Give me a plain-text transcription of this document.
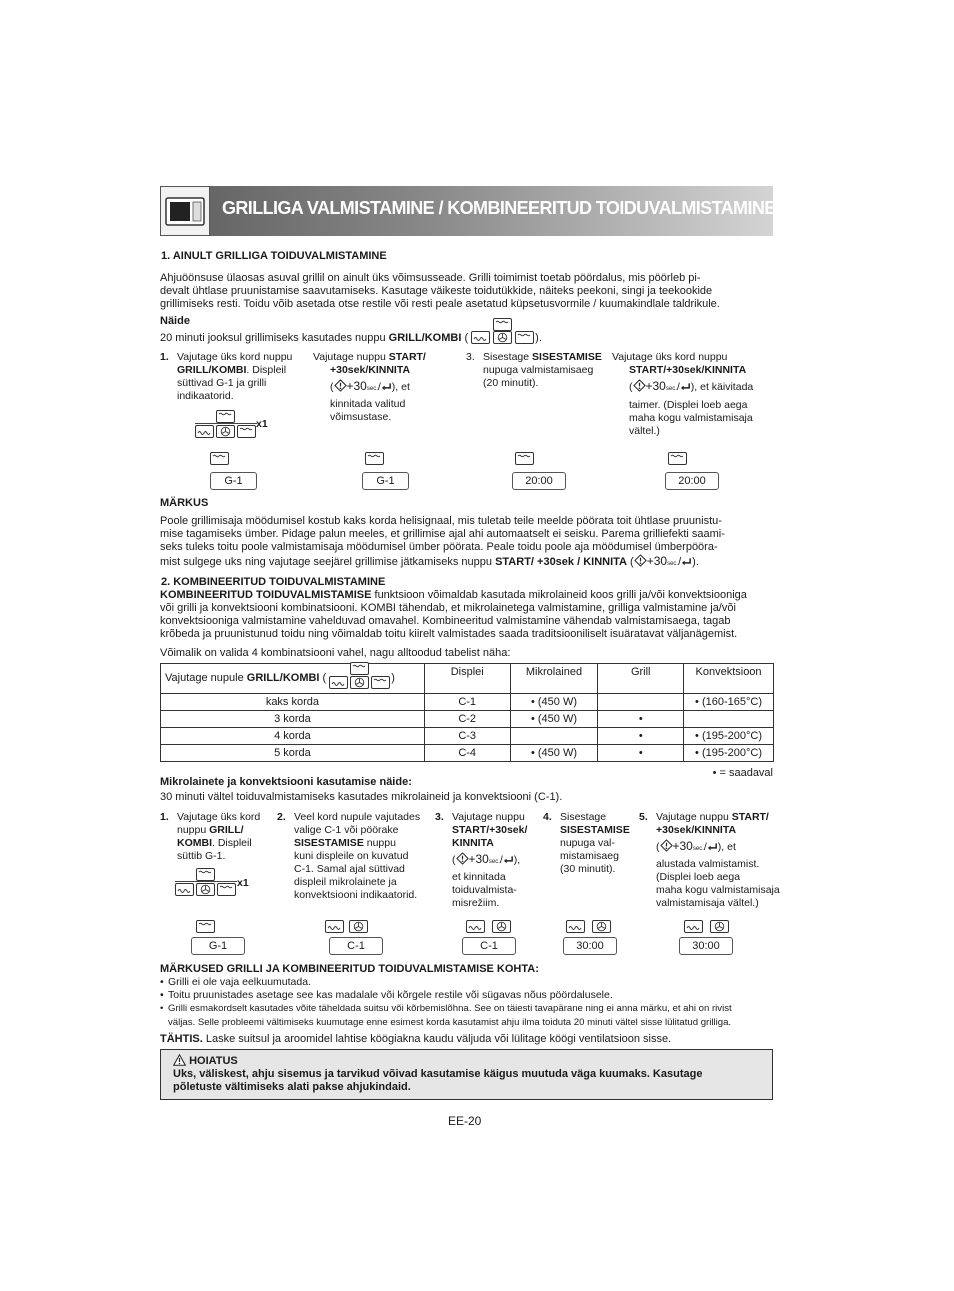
GRILLIGA VALMISTAMINE / KOMBINEERITUD TOIDUVALMISTAMINE
1. AINULT GRILLIGA TOIDUVALMISTAMINE
Ahjuöönsuse ülaosas asuval grillil on ainult üks võimsusseade. Grilli toimimist toetab pöördalus, mis pöörleb pi-
devalt ühtlase pruunistamise saavutamiseks. Kasutage väikeste toidutükkide, näiteks peekoni, singi ja teekookide
grillimiseks resti. Toidu võib asetada otse restile või resti peale asetatud küpsetusvormile / kuumakindlale taldrikule.
Näide
20 minuti jooksul grillimiseks kasutades nuppu GRILL/KOMBI (	).
1. Vajutage üks kord nuppu
GRILL/KOMBI. Displeil
süttivad G-1 ja grilli
indikaatorid.
x1
Vajutage nuppu START/
+30sek/KINNITA
( +30sec./ ), et
kinnitada valitud
võimsustase.
3. Sisestage SISESTAMISE
nupuga valmistamisaeg
(20 minutit).
Vajutage üks kord nuppu
START/+30sek/KINNITA
( +30sec./ ), et käivitada
taimer. (Displei loeb aega
maha kogu valmistamisaja
vältel.)
G-1	G-1	20:00	20:00
MÄRKUS
Poole grillimisaja möödumisel kostub kaks korda helisignaal, mis tuletab teile meelde pöörata toit ühtlase pruunistu-
mise tagamiseks ümber. Pidage palun meeles, et grillimise ajal ahi automaatselt ei seisku. Parema grilliefekti saami-
seks tuleks toitu poole valmistamisaja möödumisel ümber pöörata. Peale toidu poole aja möödumisel ümberpööra-
mist sulgege uks ning vajutage seejärel grillimise jätkamiseks nuppu START/ +30sek / KINNITA ( +30sec./ ).
2. KOMBINEERITUD TOIDUVALMISTAMINE
KOMBINEERITUD TOIDUVALMISTAMISE funktsioon võimaldab kasutada mikrolaineid koos grilli ja/või konvektsiooniga
või grilli ja konvektsiooni kombinatsiooni. KOMBI tähendab, et mikrolainetega valmistamine, grilliga valmistamine ja/või
konvektsiooniga valmistamine vahelduvad omavahel. Kombineeritud valmistamine vähendab valmistamisaega, tagab
krõbeda ja pruunistunud toidu ning võimaldab toitu kiirelt valmistades saada traditsiooniliselt isuäratavat väljanägemist.
Võimalik on valida 4 kombinatsiooni vahel, nagu alltoodud tabelist näha:
Vajutage nupule GRILL/KOMBI ( )	Displei	Mikrolained	Grill	Konvektsioon
kaks korda	C-1	• (450 W)		• (160-165°C)
3 korda	C-2	• (450 W)	•	
4 korda	C-3		•	• (195-200°C)
5 korda	C-4	• (450 W)	•	• (195-200°C)
• = saadaval
Mikrolainete ja konvektsiooni kasutamise näide:
30 minuti vältel toiduvalmistamiseks kasutades mikrolaineid ja konvektsiooni (C-1).
1. Vajutage üks kord
nuppu GRILL/
KOMBI. Displeil
süttib G-1.
2. Veel kord nupule vajutades
valige C-1 või pöörake
SISESTAMISE nuppu
kuni displeile on kuvatud
C-1. Samal ajal süttivad
displeil mikrolainete ja
konvektsiooni indikaatorid.
3. Vajutage nuppu
START/+30sek/
KINNITA
( +30sec./ ),
et kinnitada
toiduvalmista-
misrežiim.
4. Sisestage
SISESTAMISE
nupuga val-
mistamisaeg
(30 minutit).
5. Vajutage nuppu START/
+30sek/KINNITA
( +30sec./ ), et
alustada valmistamist.
(Displei loeb aega
maha kogu valmistamisaja
valmistamisaja vältel.)
x1
G-1	C-1	C-1	30:00	30:00
MÄRKUSED GRILLI JA KOMBINEERITUD TOIDUVALMISTAMISE KOHTA:
• Grilli ei ole vaja eelkuumutada.
• Toitu pruunistades asetage see kas madalale või kõrgele restile või sügavas nõus pöördalusele.
• Grilli esmakordselt kasutades võite täheldada suitsu või kõrbemislõhna. See on täiesti tavapärane ning ei anna märku, et ahi on rivist
väljas. Selle probleemi vältimiseks kuumutage enne esimest korda kasutamist ahju ilma toiduta 20 minuti vältel sisse lülitatud grilliga.
TÄHTIS. Laske suitsul ja aroomidel lahtise köögiakna kaudu väljuda või lülitage köögi ventilatsioon sisse.
HOIATUS
Uks, väliskest, ahju sisemus ja tarvikud võivad kasutamise käigus muutuda väga kuumaks. Kasutage
põletuste vältimiseks alati pakse ahjukindaid.
EE-20
